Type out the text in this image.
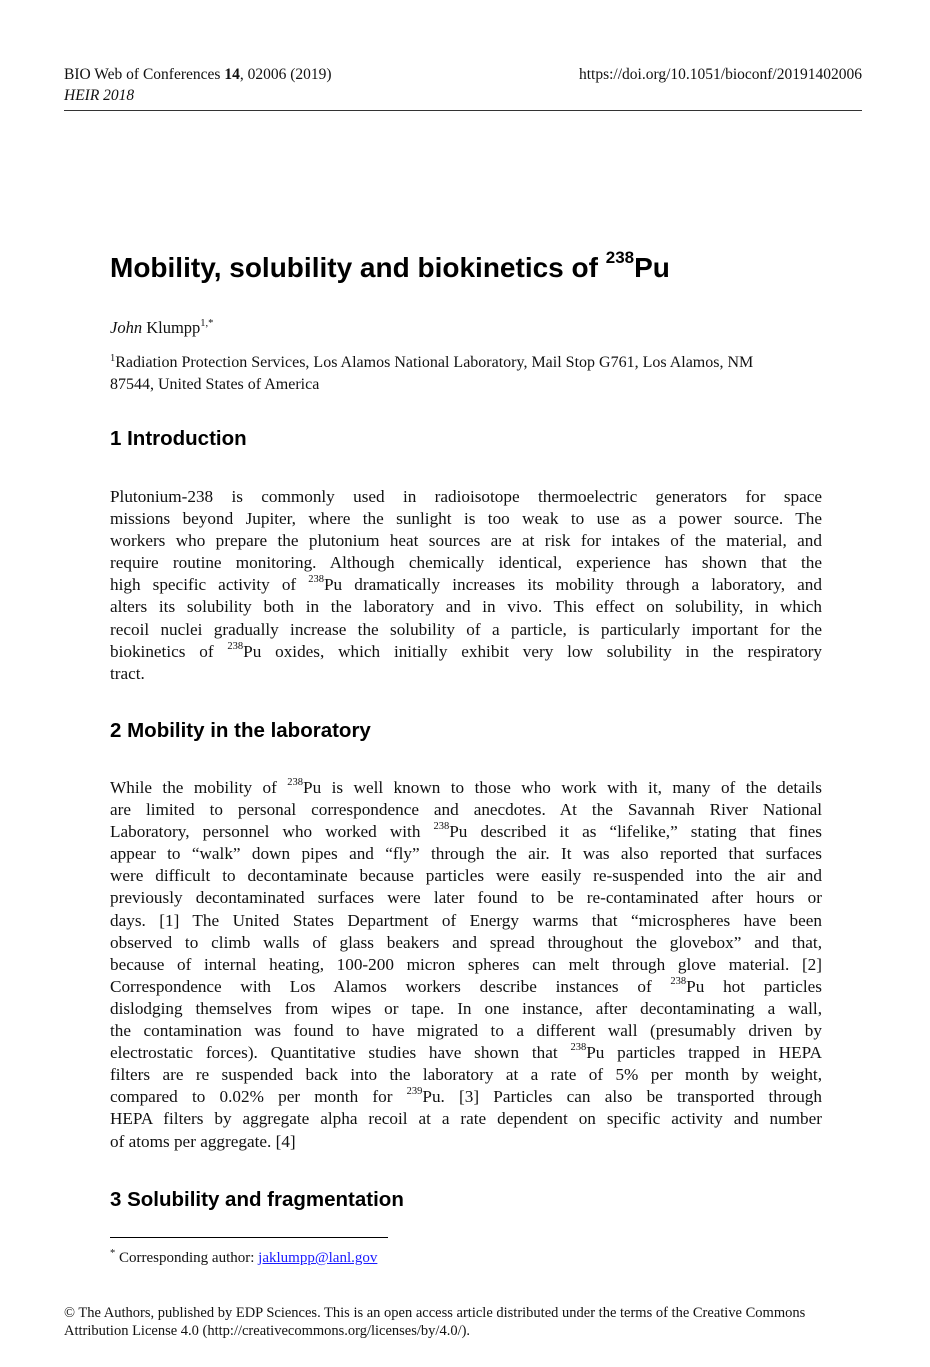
BIO Web of Conferences 14, 02006 (2019)
HEIR 2018
https://doi.org/10.1051/bioconf/20191402006
Mobility, solubility and biokinetics of $^{238}$Pu
John Klumpp$^{1,*}$
$^1$Radiation Protection Services, Los Alamos National Laboratory, Mail Stop G761, Los Alamos, NM
87544, United States of America
1 Introduction
Plutonium-238 is commonly used in radioisotope thermoelectric generators for space
missions beyond Jupiter, where the sunlight is too weak to use as a power source. The
workers who prepare the plutonium heat sources are at risk for intakes of the material, and
require routine monitoring. Although chemically identical, experience has shown that the
high specific activity of $^{238}$Pu dramatically increases its mobility through a laboratory, and
alters its solubility both in the laboratory and in vivo. This effect on solubility, in which
recoil nuclei gradually increase the solubility of a particle, is particularly important for the
biokinetics of $^{238}$Pu oxides, which initially exhibit very low solubility in the respiratory
tract.
2 Mobility in the laboratory
While the mobility of $^{238}$Pu is well known to those who work with it, many of the details
are limited to personal correspondence and anecdotes. At the Savannah River National
Laboratory, personnel who worked with $^{238}$Pu described it as “lifelike,” stating that fines
appear to “walk” down pipes and “fly” through the air. It was also reported that surfaces
were difficult to decontaminate because particles were easily re-suspended into the air and
previously decontaminated surfaces were later found to be re-contaminated after hours or
days. [1] The United States Department of Energy warms that “microspheres have been
observed to climb walls of glass beakers and spread throughout the glovebox” and that,
because of internal heating, 100-200 micron spheres can melt through glove material. [2]
Correspondence with Los Alamos workers describe instances of $^{238}$Pu hot particles
dislodging themselves from wipes or tape. In one instance, after decontaminating a wall,
the contamination was found to have migrated to a different wall (presumably driven by
electrostatic forces). Quantitative studies have shown that $^{238}$Pu particles trapped in HEPA
filters are re suspended back into the laboratory at a rate of 5% per month by weight,
compared to 0.02% per month for $^{239}$Pu. [3] Particles can also be transported through
HEPA filters by aggregate alpha recoil at a rate dependent on specific activity and number
of atoms per aggregate. [4]
3 Solubility and fragmentation
* Corresponding author: jaklumpp@lanl.gov
© The Authors, published by EDP Sciences. This is an open access article distributed under the terms of the Creative Commons
Attribution License 4.0 (http://creativecommons.org/licenses/by/4.0/).
